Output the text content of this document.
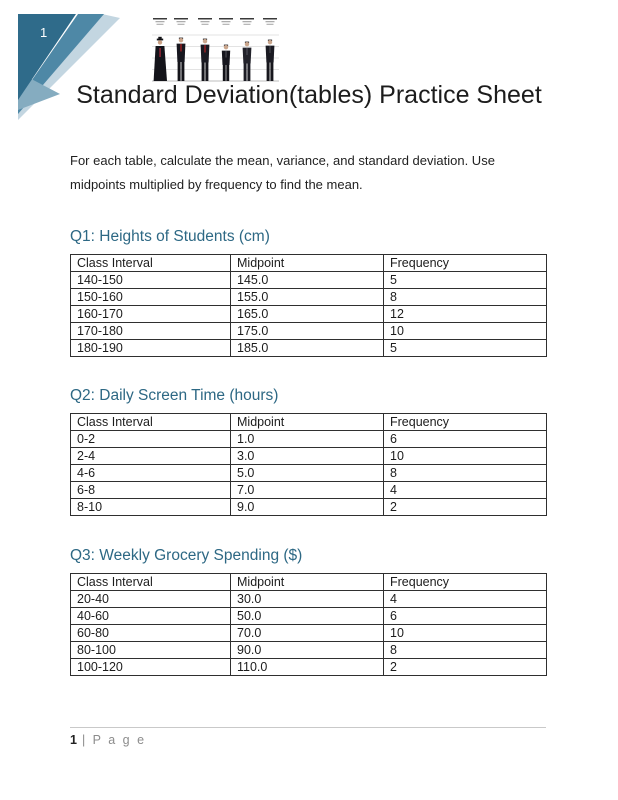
1
Standard Deviation(tables) Practice Sheet
For each table, calculate the mean, variance, and standard deviation. Use
midpoints multiplied by frequency to find the mean.
Q1: Heights of Students (cm)
Class Interval	Midpoint	Frequency
140-150	145.0	5
150-160	155.0	8
160-170	165.0	12
170-180	175.0	10
180-190	185.0	5
Q2: Daily Screen Time (hours)
Class Interval	Midpoint	Frequency
0-2	1.0	6
2-4	3.0	10
4-6	5.0	8
6-8	7.0	4
8-10	9.0	2
Q3: Weekly Grocery Spending ($)
Class Interval	Midpoint	Frequency
20-40	30.0	4
40-60	50.0	6
60-80	70.0	10
80-100	90.0	8
100-120	110.0	2
1 | P a g e
